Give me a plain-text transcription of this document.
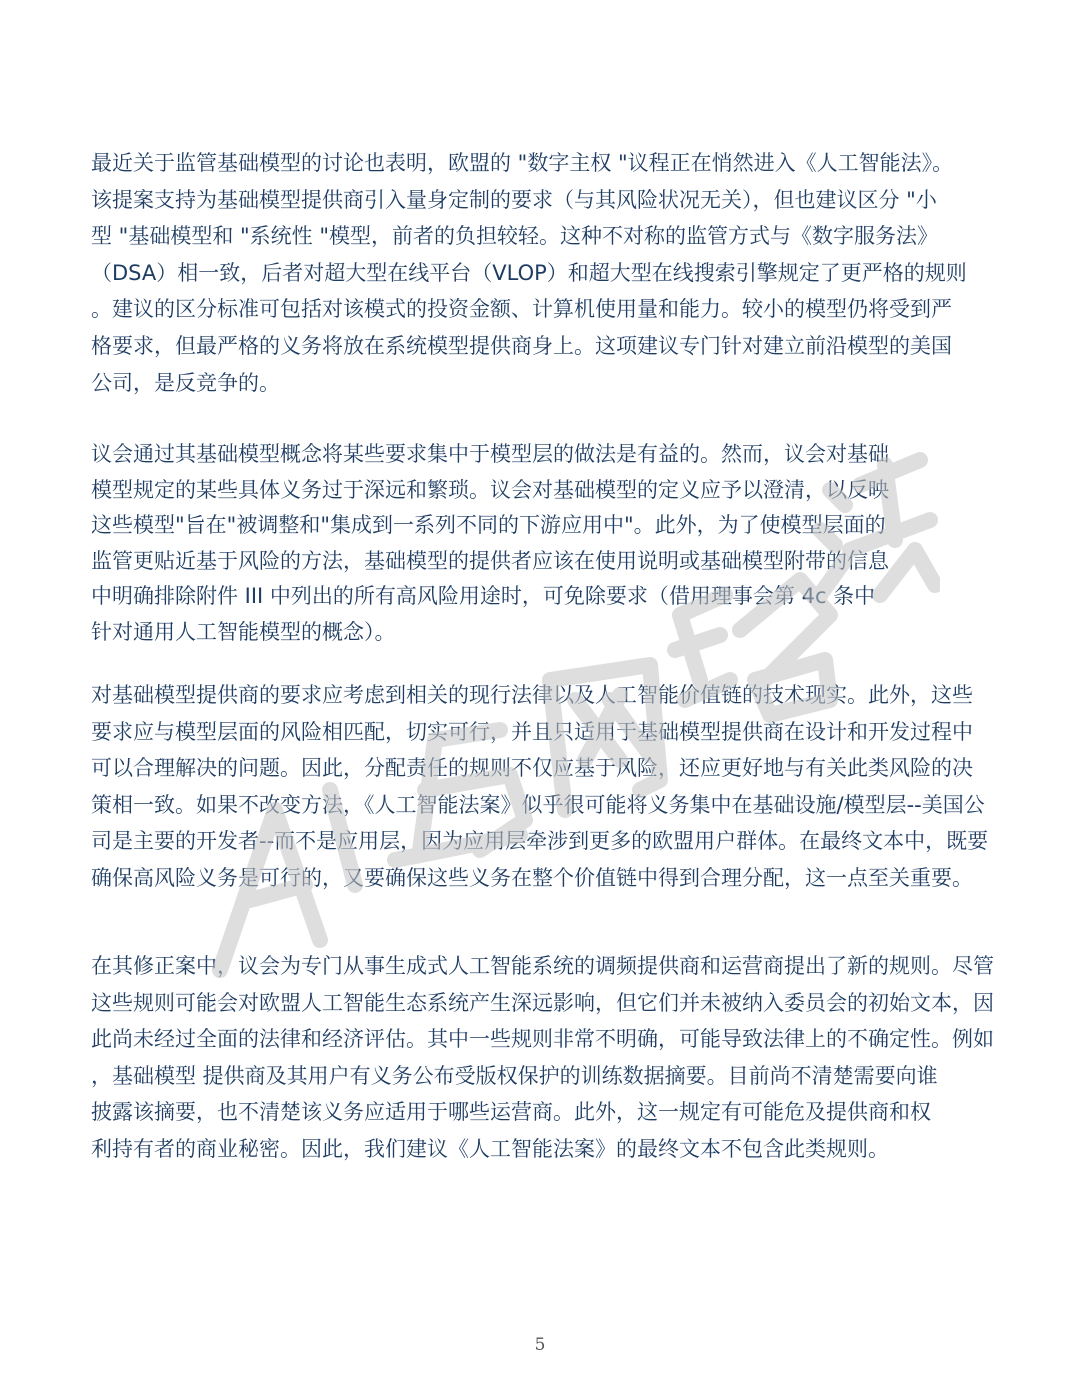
最近关于监管基础模型的讨论也表明，欧盟的 "数字主权 "议程正在悄然进入《人工智能法》。
该提案支持为基础模型提供商引入量身定制的要求（与其风险状况无关），但也建议区分 "小
型 "基础模型和 "系统性 "模型，前者的负担较轻。这种不对称的监管方式与《数字服务法》
（DSA）相一致，后者对超大型在线平台（VLOP）和超大型在线搜索引擎规定了更严格的规则
。建议的区分标准可包括对该模式的投资金额、计算机使用量和能力。较小的模型仍将受到严
格要求，但最严格的义务将放在系统模型提供商身上。这项建议专门针对建立前沿模型的美国
公司，是反竞争的。
议会通过其基础模型概念将某些要求集中于模型层的做法是有益的。然而，议会对基础
模型规定的某些具体义务过于深远和繁琐。议会对基础模型的定义应予以澄清，以反映
这些模型"旨在"被调整和"集成到一系列不同的下游应用中"。此外，为了使模型层面的
监管更贴近基于风险的方法，基础模型的提供者应该在使用说明或基础模型附带的信息
中明确排除附件 III 中列出的所有高风险用途时，可免除要求（借用理事会第 4c 条中
针对通用人工智能模型的概念）。
对基础模型提供商的要求应考虑到相关的现行法律以及人工智能价值链的技术现实。此外，这些
要求应与模型层面的风险相匹配，切实可行，并且只适用于基础模型提供商在设计和开发过程中
可以合理解决的问题。因此，分配责任的规则不仅应基于风险，还应更好地与有关此类风险的决
策相一致。如果不改变方法，《人工智能法案》似乎很可能将义务集中在基础设施/模型层--美国公
司是主要的开发者--而不是应用层，因为应用层牵涉到更多的欧盟用户群体。在最终文本中，既要
确保高风险义务是可行的，又要确保这些义务在整个价值链中得到合理分配，这一点至关重要。
在其修正案中，议会为专门从事生成式人工智能系统的调频提供商和运营商提出了新的规则。尽管
这些规则可能会对欧盟人工智能生态系统产生深远影响，但它们并未被纳入委员会的初始文本，因
此尚未经过全面的法律和经济评估。其中一些规则非常不明确，可能导致法律上的不确定性。例如
，基础模型 提供商及其用户有义务公布受版权保护的训练数据摘要。目前尚不清楚需要向谁
披露该摘要，也不清楚该义务应适用于哪些运营商。此外，这一规定有可能危及提供商和权
利持有者的商业秘密。因此，我们建议《人工智能法案》的最终文本不包含此类规则。
5
